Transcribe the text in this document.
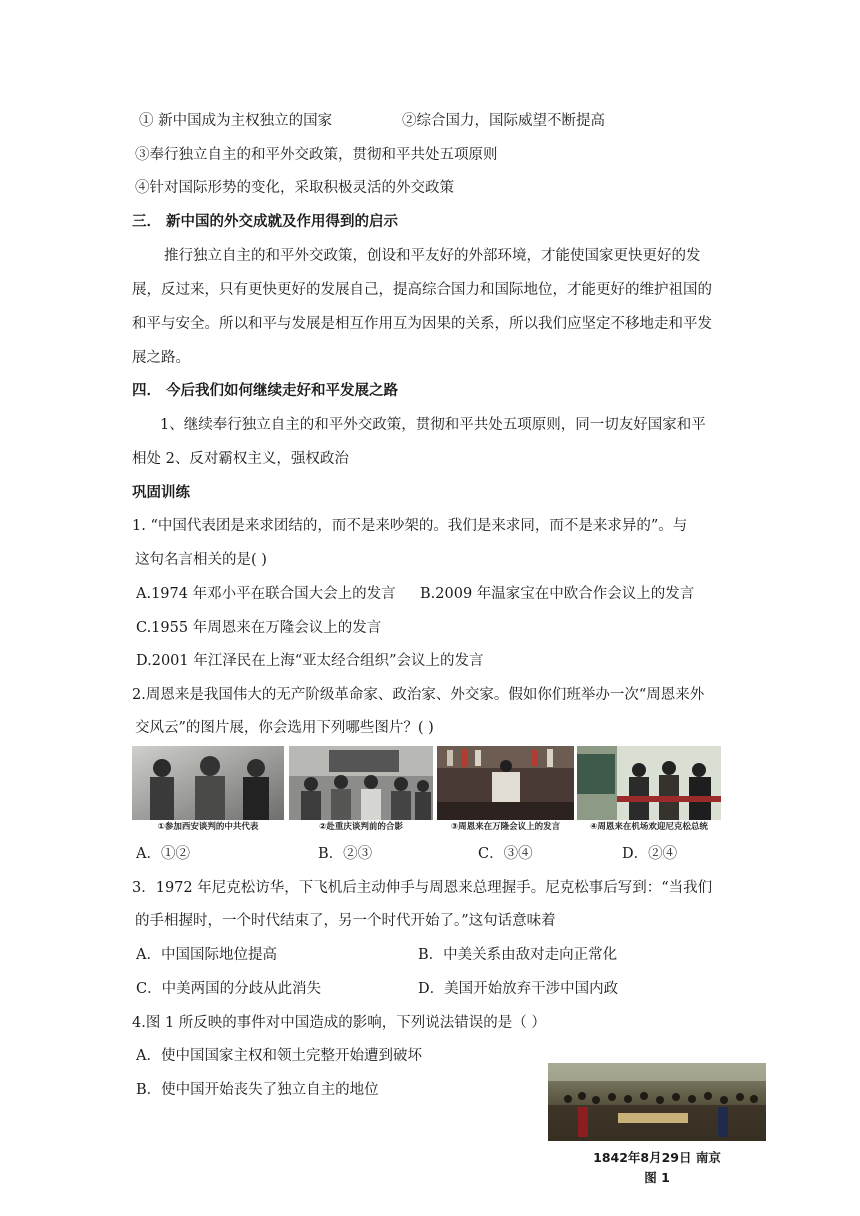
① 新中国成为主权独立的国家	②综合国力，国际威望不断提高
③奉行独立自主的和平外交政策，贯彻和平共处五项原则
④针对国际形势的变化，采取积极灵活的外交政策
三． 新中国的外交成就及作用得到的启示
推行独立自主的和平外交政策，创设和平友好的外部环境，才能使国家更快更好的发
展，反过来，只有更快更好的发展自己，提高综合国力和国际地位，才能更好的维护祖国的
和平与安全。所以和平与发展是相互作用互为因果的关系，所以我们应坚定不移地走和平发
展之路。
四． 今后我们如何继续走好和平发展之路
1、继续奉行独立自主的和平外交政策，贯彻和平共处五项原则，同一切友好国家和平
相处 2、反对霸权主义，强权政治
巩固训练
1. “中国代表团是来求团结的，而不是来吵架的。我们是来求同，而不是来求异的”。与
这句名言相关的是( )
A.1974 年邓小平在联合国大会上的发言 B.2009 年温家宝在中欧合作会议上的发言
C.1955 年周恩来在万隆会议上的发言
D.2001 年江泽民在上海“亚太经合组织”会议上的发言
2.周恩来是我国伟大的无产阶级革命家、政治家、外交家。假如你们班举办一次“周恩来外
交风云”的图片展，你会选用下列哪些图片？( )
①参加西安谈判的中共代表	②赴重庆谈判前的合影	③周恩来在万隆会议上的发言	④周恩来在机场欢迎尼克松总统
A．①②	B．②③	C．③④	D．②④
3．1972 年尼克松访华，下飞机后主动伸手与周恩来总理握手。尼克松事后写到：“当我们
的手相握时，一个时代结束了，另一个时代开始了。”这句话意味着
A．中国国际地位提高	B．中美关系由敌对走向正常化
C．中美两国的分歧从此消失	D．美国开始放弃干涉中国内政
4.图 1 所反映的事件对中国造成的影响，下列说法错误的是（ ）
A．使中国国家主权和领土完整开始遭到破坏
B．使中国开始丧失了独立自主的地位
1842年8月29日 南京
图 1
